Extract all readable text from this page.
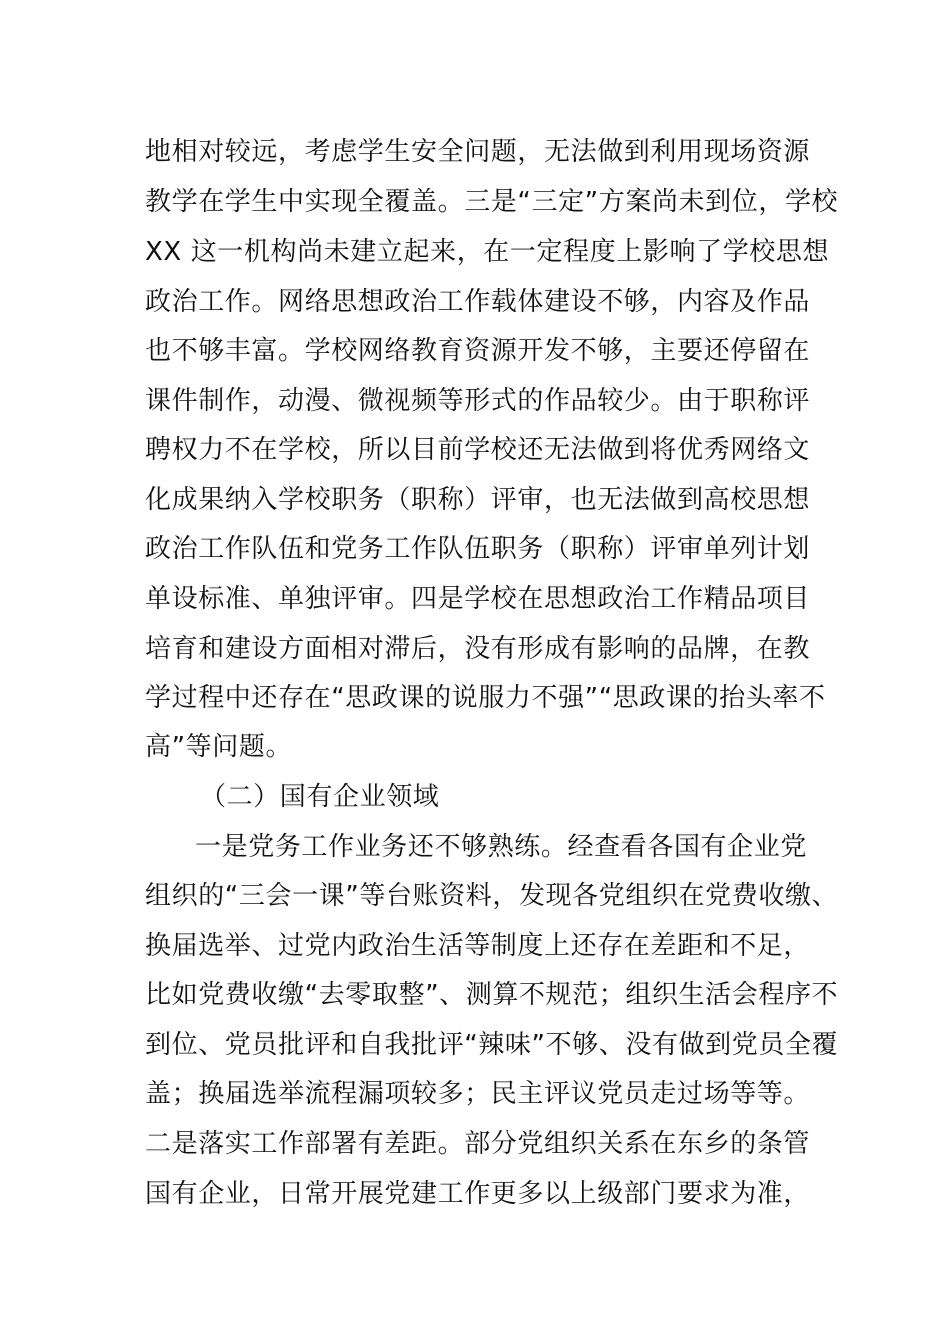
地相对较远，考虑学生安全问题，无法做到利用现场资源
教学在学生中实现全覆盖。三是“三定”方案尚未到位，学校
XX 这一机构尚未建立起来，在一定程度上影响了学校思想
政治工作。网络思想政治工作载体建设不够，内容及作品
也不够丰富。学校网络教育资源开发不够，主要还停留在
课件制作，动漫、微视频等形式的作品较少。由于职称评
聘权力不在学校，所以目前学校还无法做到将优秀网络文
化成果纳入学校职务（职称）评审，也无法做到高校思想
政治工作队伍和党务工作队伍职务（职称）评审单列计划
单设标准、单独评审。四是学校在思想政治工作精品项目
培育和建设方面相对滞后，没有形成有影响的品牌，在教
学过程中还存在“思政课的说服力不强”“思政课的抬头率不
高”等问题。
（二）国有企业领域
一是党务工作业务还不够熟练。经查看各国有企业党
组织的“三会一课”等台账资料，发现各党组织在党费收缴、
换届选举、过党内政治生活等制度上还存在差距和不足，
比如党费收缴“去零取整”、测算不规范；组织生活会程序不
到位、党员批评和自我批评“辣味”不够、没有做到党员全覆
盖；换届选举流程漏项较多；民主评议党员走过场等等。
二是落实工作部署有差距。部分党组织关系在东乡的条管
国有企业，日常开展党建工作更多以上级部门要求为准，
